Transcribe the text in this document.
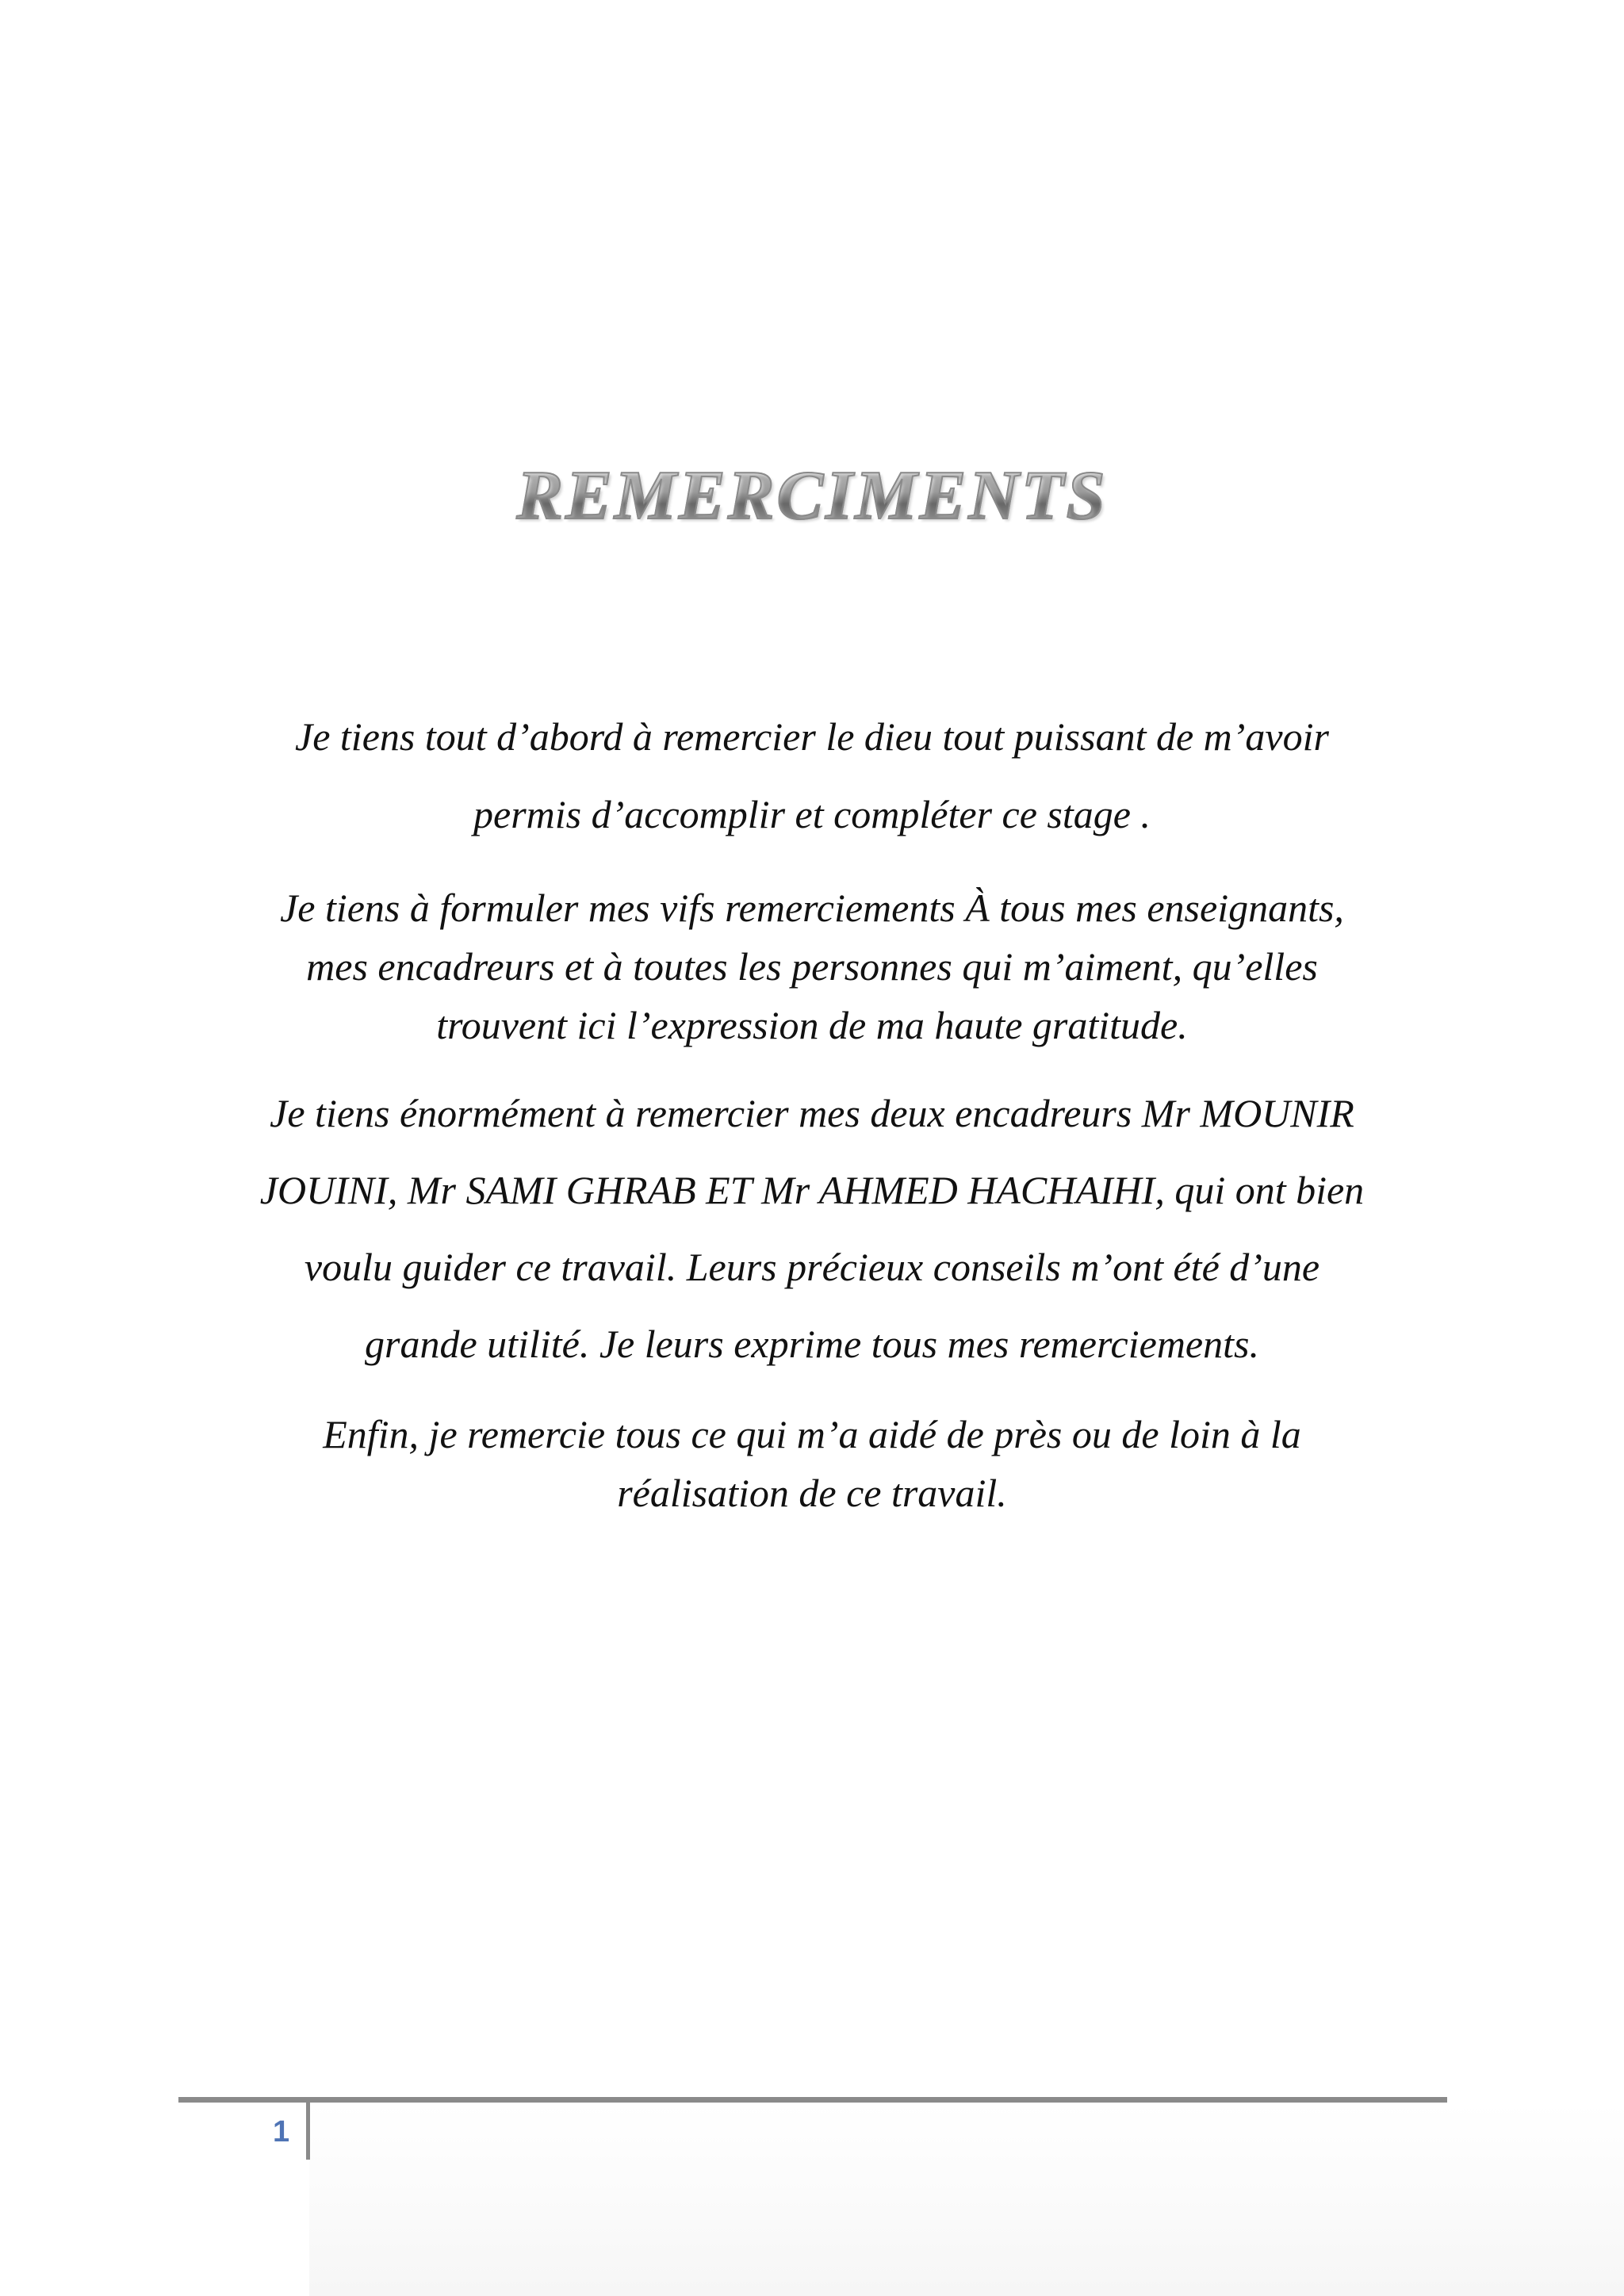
REMERCIMENTS
Je tiens tout d’abord à remercier le dieu tout puissant de m’avoir
permis d’accomplir et compléter ce stage .
Je tiens à formuler mes vifs remerciements À tous mes enseignants,
mes encadreurs et à toutes les personnes qui m’aiment, qu’elles
trouvent ici l’expression de ma haute gratitude.
Je tiens énormément à remercier mes deux encadreurs Mr MOUNIR
JOUINI, Mr SAMI GHRAB ET Mr AHMED HACHAIHI, qui ont bien
voulu guider ce travail. Leurs précieux conseils m’ont été d’une
grande utilité. Je leurs exprime tous mes remerciements.
Enfin, je remercie tous ce qui m’a aidé de près ou de loin à la
réalisation de ce travail.
1
